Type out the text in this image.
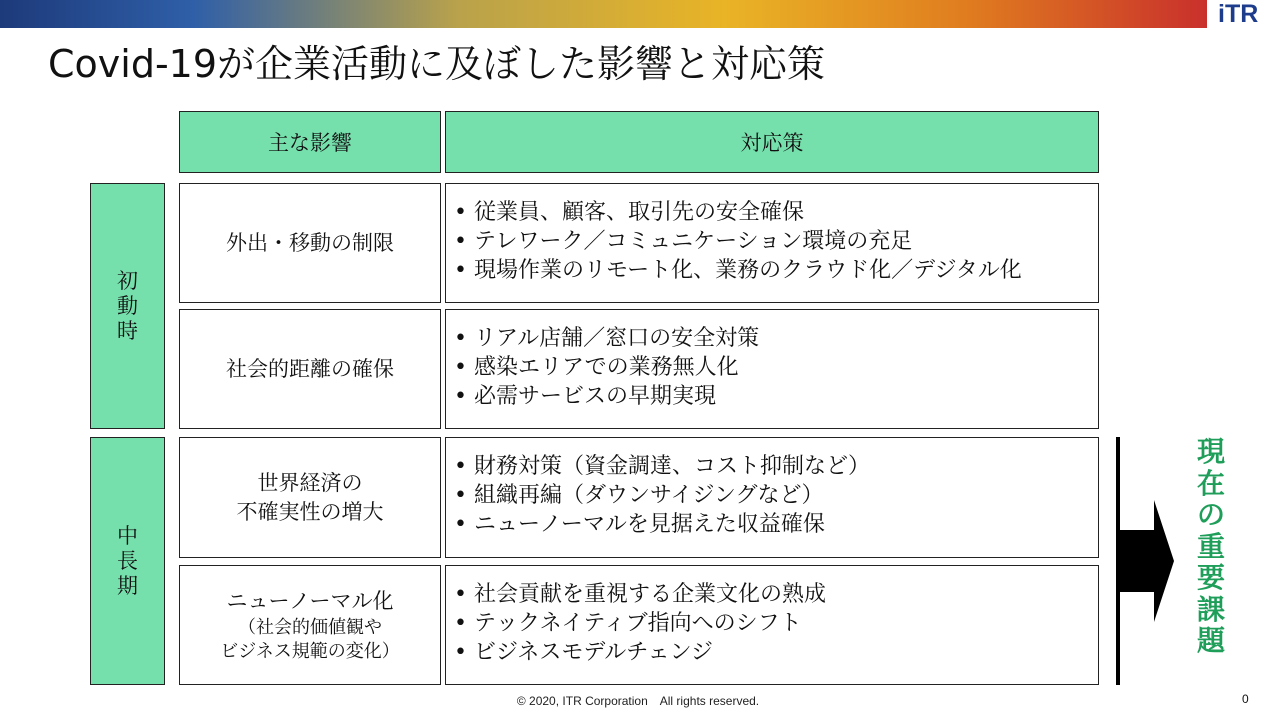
iTR
Covid-19が企業活動に及ぼした影響と対応策
主な影響	対応策
初動時
中長期
外出・移動の制限
• 従業員、顧客、取引先の安全確保
• テレワーク／コミュニケーション環境の充足
• 現場作業のリモート化、業務のクラウド化／デジタル化
社会的距離の確保
• リアル店舗／窓口の安全対策
• 感染エリアでの業務無人化
• 必需サービスの早期実現
世界経済の
不確実性の増大
• 財務対策（資金調達、コスト抑制など）
• 組織再編（ダウンサイジングなど）
• ニューノーマルを見据えた収益確保
ニューノーマル化
（社会的価値観や
ビジネス規範の変化）
• 社会貢献を重視する企業文化の熟成
• テックネイティブ指向へのシフト
• ビジネスモデルチェンジ
現在の重要課題
© 2020, ITR Corporation　All rights reserved.	0
